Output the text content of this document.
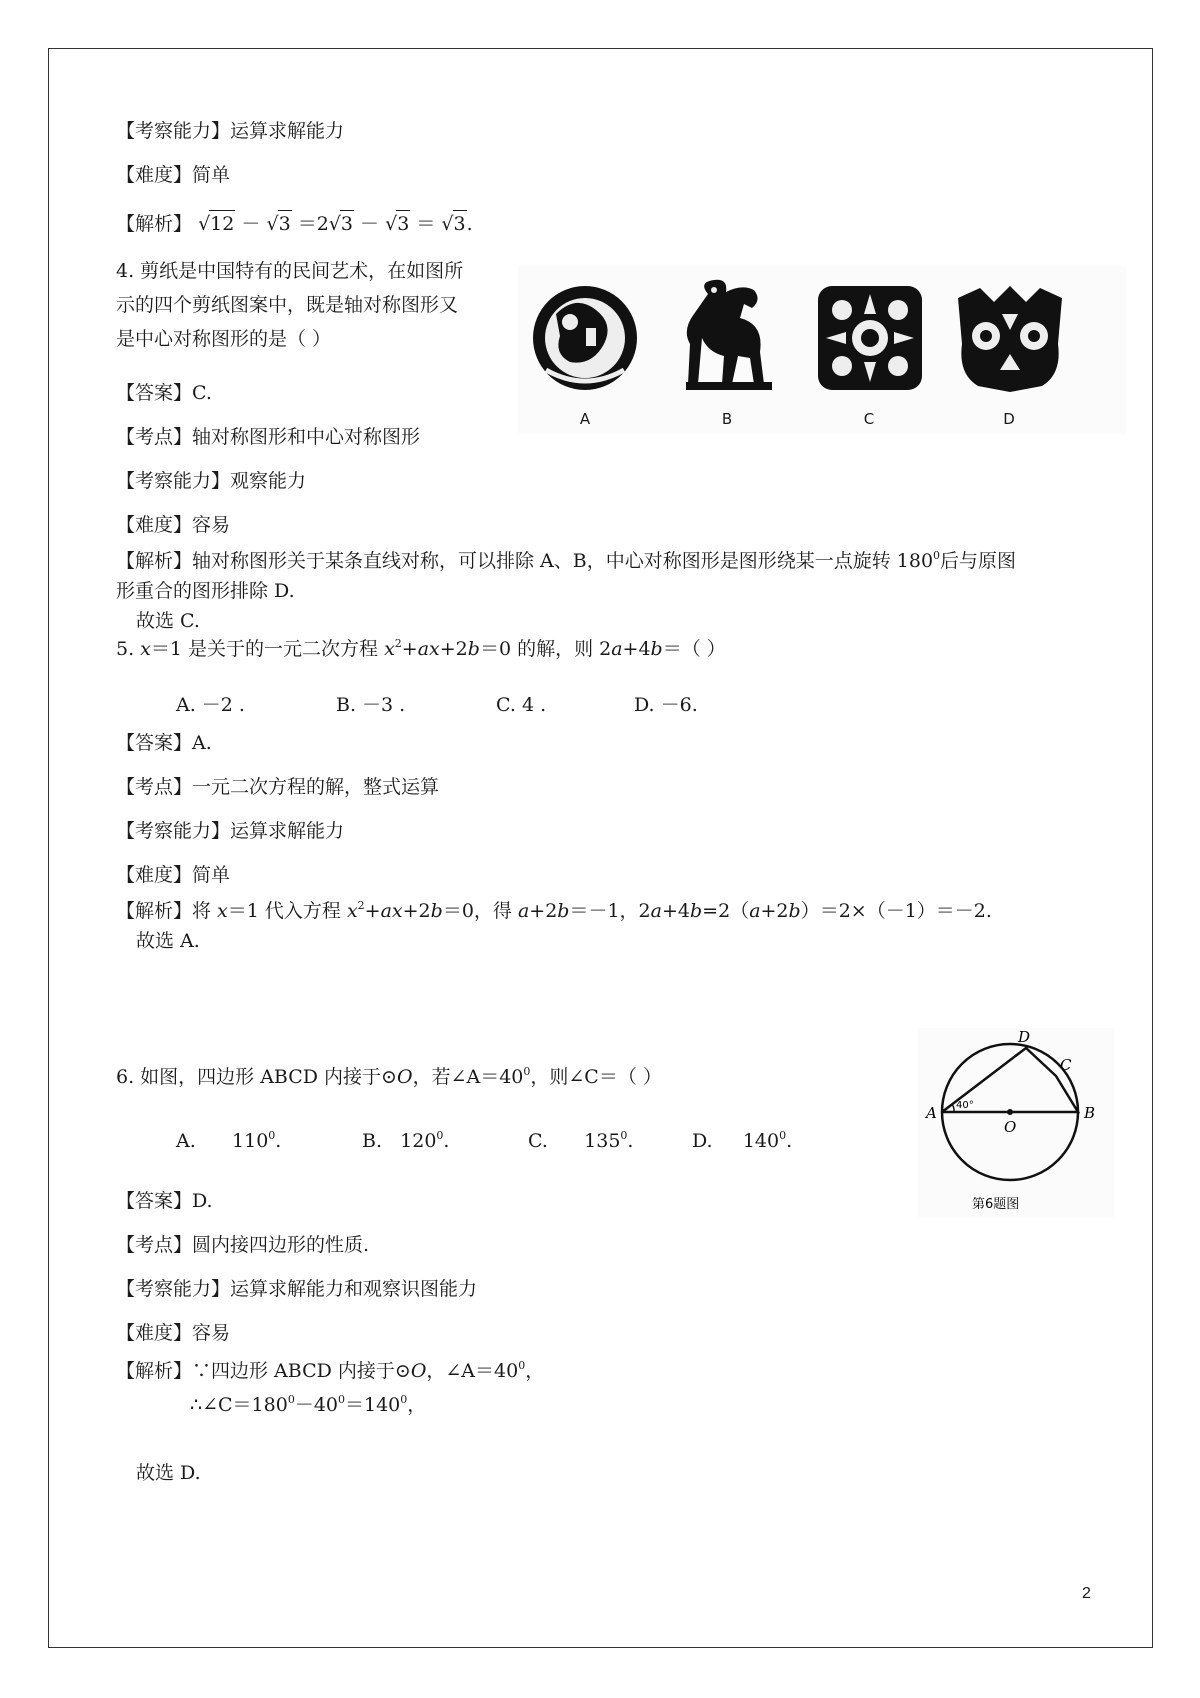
【考察能力】运算求解能力
【难度】简单
【解析】 √12 － √3 ＝2√3 － √3 ＝ √3.
4. 剪纸是中国特有的民间艺术，在如图所
示的四个剪纸图案中，既是轴对称图形又
是中心对称图形的是（ ）
A	B	C	D
【答案】C.
【考点】轴对称图形和中心对称图形
【考察能力】观察能力
【难度】容易
【解析】轴对称图形关于某条直线对称，可以排除 A、B，中心对称图形是图形绕某一点旋转 $180^0$后与原图
形重合的图形排除 D.
故选 C.
5. x＝1 是关于的一元二次方程 $x^2+ax+2b=0$ 的解，则 2a+4b＝（ ）
A. －2 .	B. －3 .	C. 4 .	D. －6.
【答案】A.
【考点】一元二次方程的解，整式运算
【考察能力】运算求解能力
【难度】简单
【解析】将 x＝1 代入方程 $x^2+ax+2b=0$，得 a+2b＝－1，2a+4b=2（a+2b）＝2×（－1）＝－2.
故选 A.
6. 如图，四边形 ABCD 内接于⊙O，若$\angle A=40^0$，则∠C＝（ ）
A. $110^0$.	B. $120^0$.	C. $135^0$.	D. $140^0$.
40°
A	B
C
D
O
第6题图
【答案】D.
【考点】圆内接四边形的性质.
【考察能力】运算求解能力和观察识图能力
【难度】容易
【解析】∵四边形 ABCD 内接于⊙O，$\angle A=40^0$，
$\therefore\angle C=180^0-40^0=140^0$，
故选 D.
2
